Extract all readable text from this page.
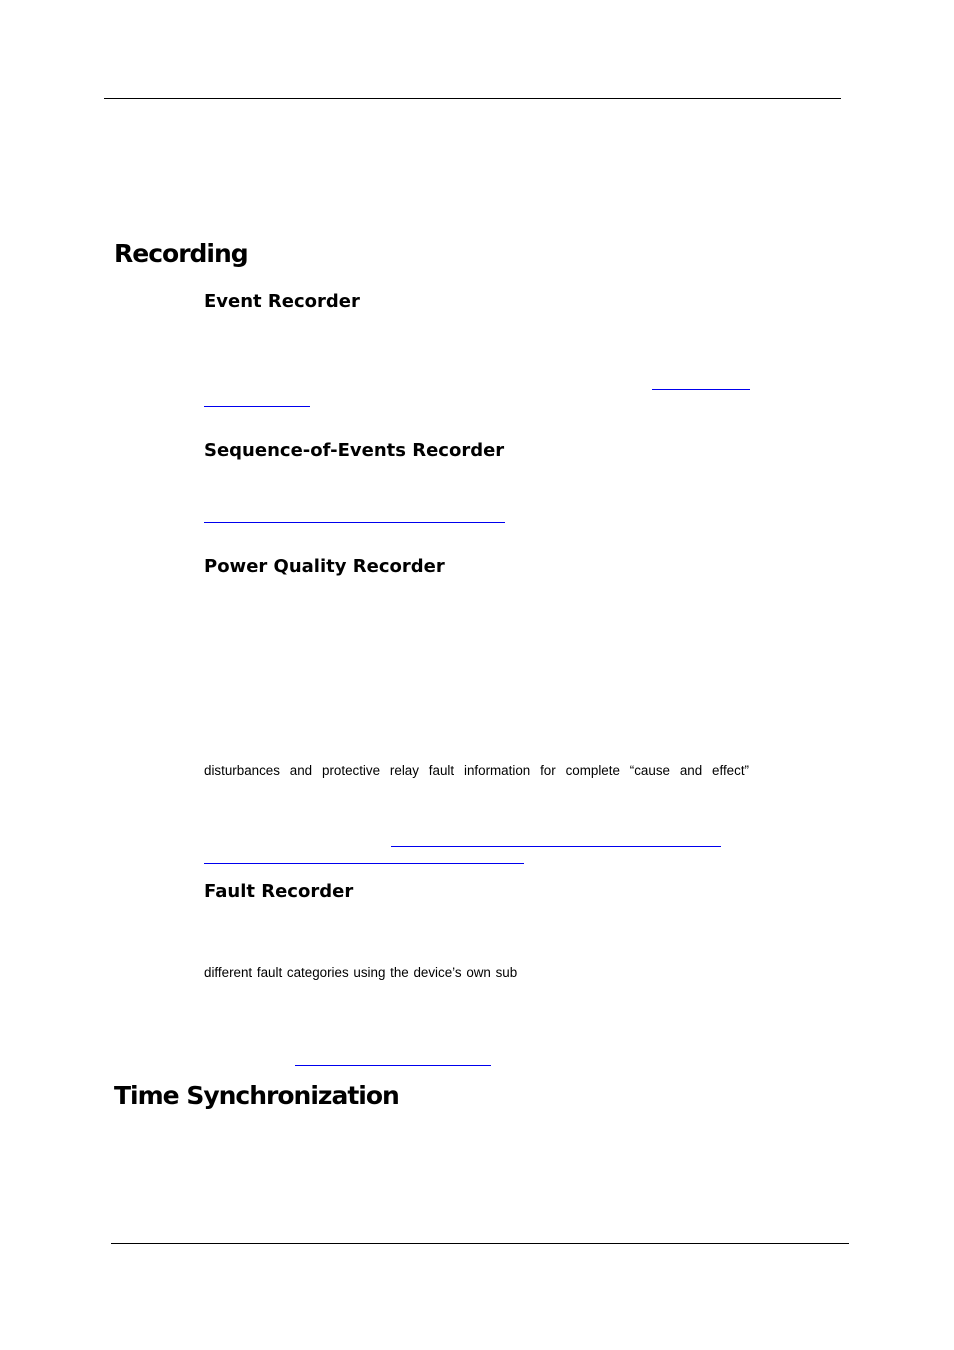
Recording
Event Recorder
Sequence-of-Events Recorder
Power Quality Recorder

disturbances and protective relay fault information for complete “cause and effect”

Fault Recorder

different fault categories using the device’s own sub

Time Synchronization
